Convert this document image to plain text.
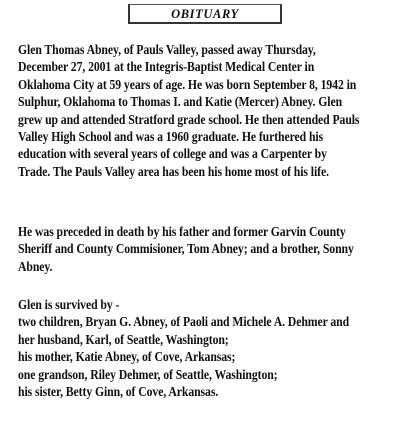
OBITUARY

Glen Thomas Abney, of Pauls Valley, passed away Thursday,
December 27, 2001 at the Integris-Baptist Medical Center in
Oklahoma City at 59 years of age. He was born September 8, 1942 in
Sulphur, Oklahoma to Thomas I. and Katie (Mercer) Abney. Glen
grew up and attended Stratford grade school. He then attended Pauls
Valley High School and was a 1960 graduate. He furthered his
education with several years of college and was a Carpenter by
Trade. The Pauls Valley area has been his home most of his life.

He was preceded in death by his father and former Garvin County
Sheriff and County Commisioner, Tom Abney; and a brother, Sonny
Abney.

Glen is survived by -
two children, Bryan G. Abney, of Paoli and Michele A. Dehmer and
her husband, Karl, of Seattle, Washington;
his mother, Katie Abney, of Cove, Arkansas;
one grandson, Riley Dehmer, of Seattle, Washington;
his sister, Betty Ginn, of Cove, Arkansas.
